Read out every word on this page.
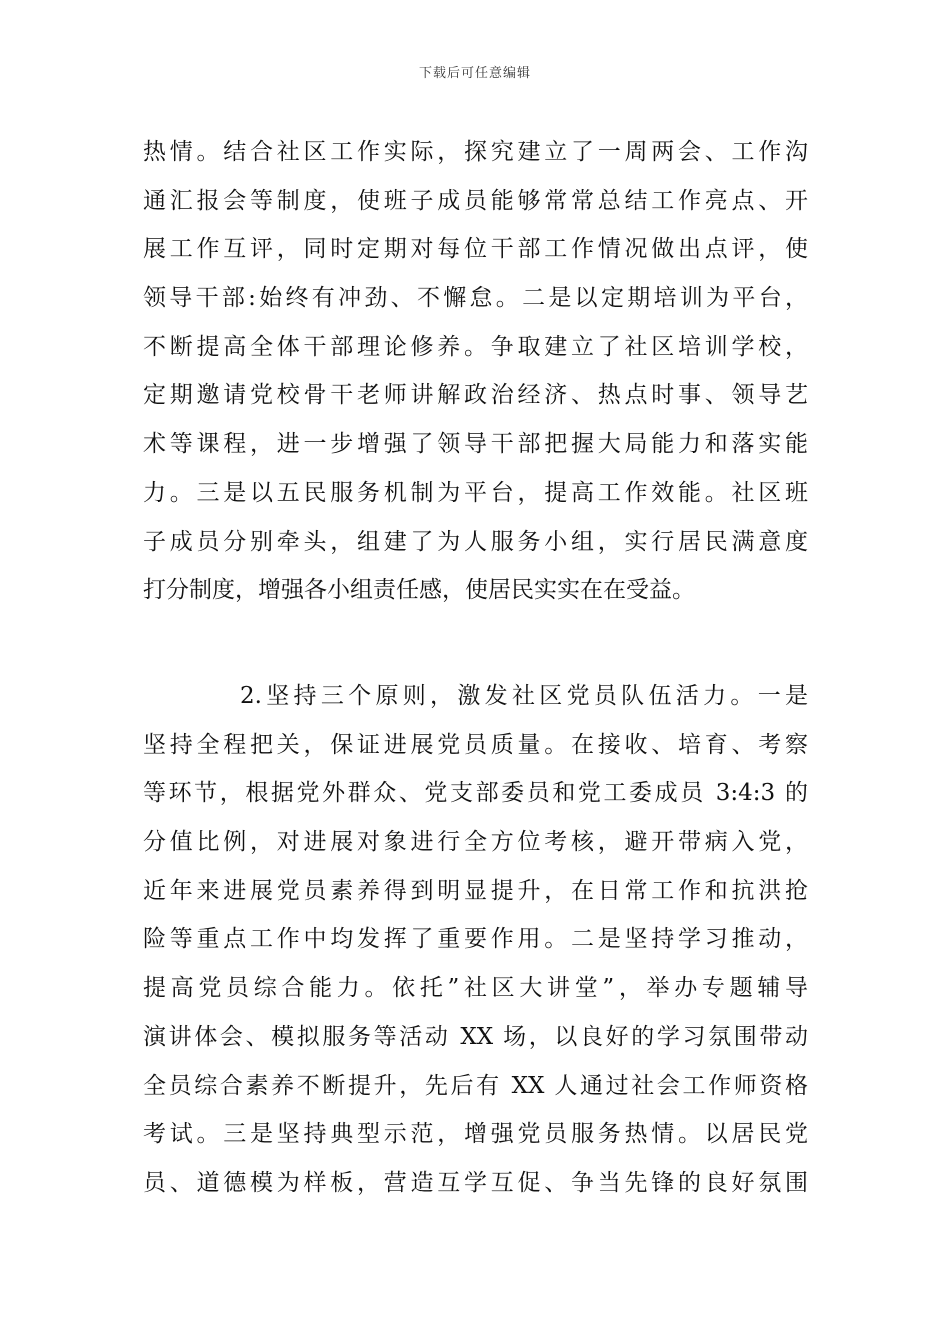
下载后可任意编辑
热情。结合社区工作实际，探究建立了一周两会、工作沟
通汇报会等制度，使班子成员能够常常总结工作亮点、开
展工作互评，同时定期对每位干部工作情况做出点评，使
领导干部:始终有冲劲、不懈怠。二是以定期培训为平台，
不断提高全体干部理论修养。争取建立了社区培训学校，
定期邀请党校骨干老师讲解政治经济、热点时事、领导艺
术等课程，进一步增强了领导干部把握大局能力和落实能
力。三是以五民服务机制为平台，提高工作效能。社区班
子成员分别牵头，组建了为人服务小组，实行居民满意度
打分制度，增强各小组责任感，使居民实实在在受益。
2.坚持三个原则，激发社区党员队伍活力。一是
坚持全程把关，保证进展党员质量。在接收、培育、考察
等环节，根据党外群众、党支部委员和党工委成员 3:4:3 的
分值比例，对进展对象进行全方位考核，避开带病入党，
近年来进展党员素养得到明显提升，在日常工作和抗洪抢
险等重点工作中均发挥了重要作用。二是坚持学习推动，
提高党员综合能力。依托”社区大讲堂”，举办专题辅导
演讲体会、模拟服务等活动 XX 场，以良好的学习氛围带动
全员综合素养不断提升，先后有 XX 人通过社会工作师资格
考试。三是坚持典型示范，增强党员服务热情。以居民党
员、道德模为样板，营造互学互促、争当先锋的良好氛围
